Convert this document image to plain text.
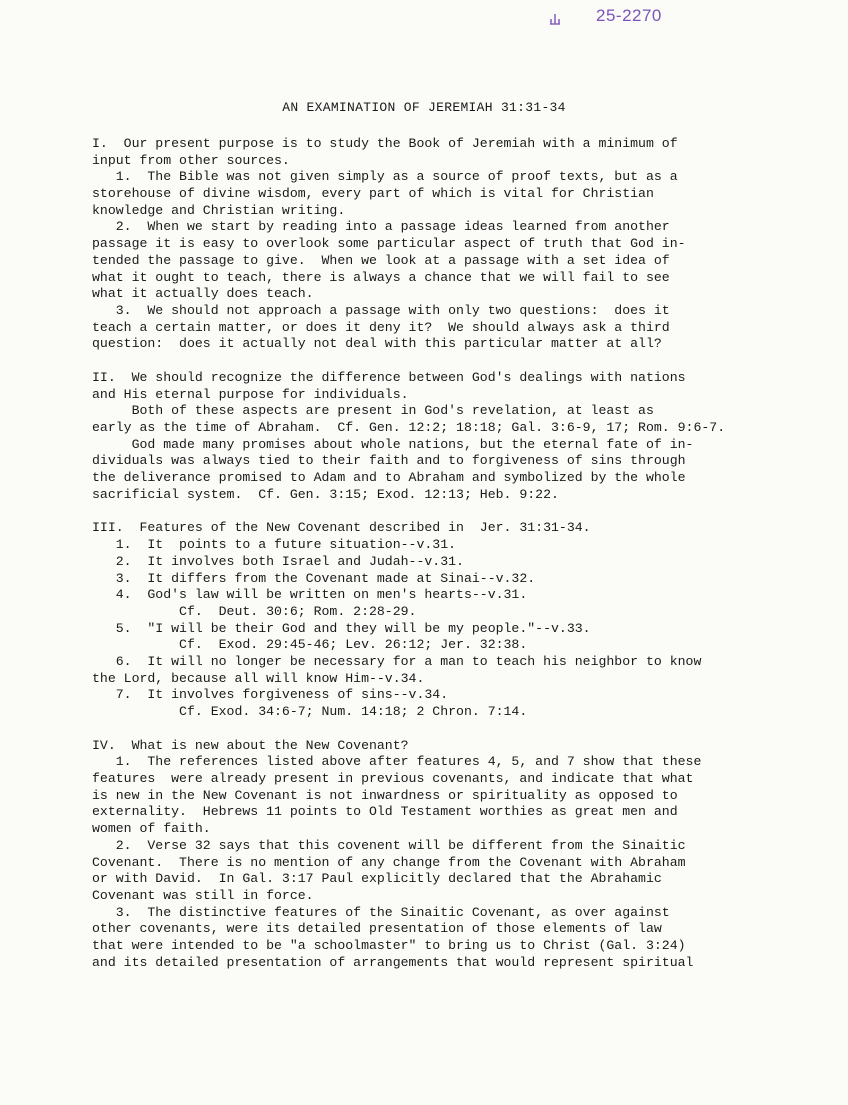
25-2270
AN EXAMINATION OF JEREMIAH 31:31-34

I.  Our present purpose is to study the Book of Jeremiah with a minimum of

input from other sources.

1.  The Bible was not given simply as a source of proof texts, but as a

storehouse of divine wisdom, every part of which is vital for Christian

knowledge and Christian writing.

2.  When we start by reading into a passage ideas learned from another

passage it is easy to overlook some particular aspect of truth that God in-

tended the passage to give.  When we look at a passage with a set idea of

what it ought to teach, there is always a chance that we will fail to see

what it actually does teach.

3.  We should not approach a passage with only two questions:  does it

teach a certain matter, or does it deny it?  We should always ask a third

question:  does it actually not deal with this particular matter at all?

II.  We should recognize the difference between God's dealings with nations

and His eternal purpose for individuals.

Both of these aspects are present in God's revelation, at least as

early as the time of Abraham.  Cf. Gen. 12:2; 18:18; Gal. 3:6-9, 17; Rom. 9:6-7.

God made many promises about whole nations, but the eternal fate of in-

dividuals was always tied to their faith and to forgiveness of sins through

the deliverance promised to Adam and to Abraham and symbolized by the whole

sacrificial system.  Cf. Gen. 3:15; Exod. 12:13; Heb. 9:22.

III.  Features of the New Covenant described in  Jer. 31:31-34.

1.  It  points to a future situation--v.31.

2.  It involves both Israel and Judah--v.31.

3.  It differs from the Covenant made at Sinai--v.32.

4.  God's law will be written on men's hearts--v.31.

Cf.  Deut. 30:6; Rom. 2:28-29.

5.  "I will be their God and they will be my people."--v.33.

Cf.  Exod. 29:45-46; Lev. 26:12; Jer. 32:38.

6.  It will no longer be necessary for a man to teach his neighbor to know

the Lord, because all will know Him--v.34.

7.  It involves forgiveness of sins--v.34.

Cf. Exod. 34:6-7; Num. 14:18; 2 Chron. 7:14.

IV.  What is new about the New Covenant?

1.  The references listed above after features 4, 5, and 7 show that these

features  were already present in previous covenants, and indicate that what

is new in the New Covenant is not inwardness or spirituality as opposed to

externality.  Hebrews 11 points to Old Testament worthies as great men and

women of faith.

2.  Verse 32 says that this covenent will be different from the Sinaitic

Covenant.  There is no mention of any change from the Covenant with Abraham

or with David.  In Gal. 3:17 Paul explicitly declared that the Abrahamic

Covenant was still in force.

3.  The distinctive features of the Sinaitic Covenant, as over against

other covenants, were its detailed presentation of those elements of law

that were intended to be "a schoolmaster" to bring us to Christ (Gal. 3:24)

and its detailed presentation of arrangements that would represent spiritual
